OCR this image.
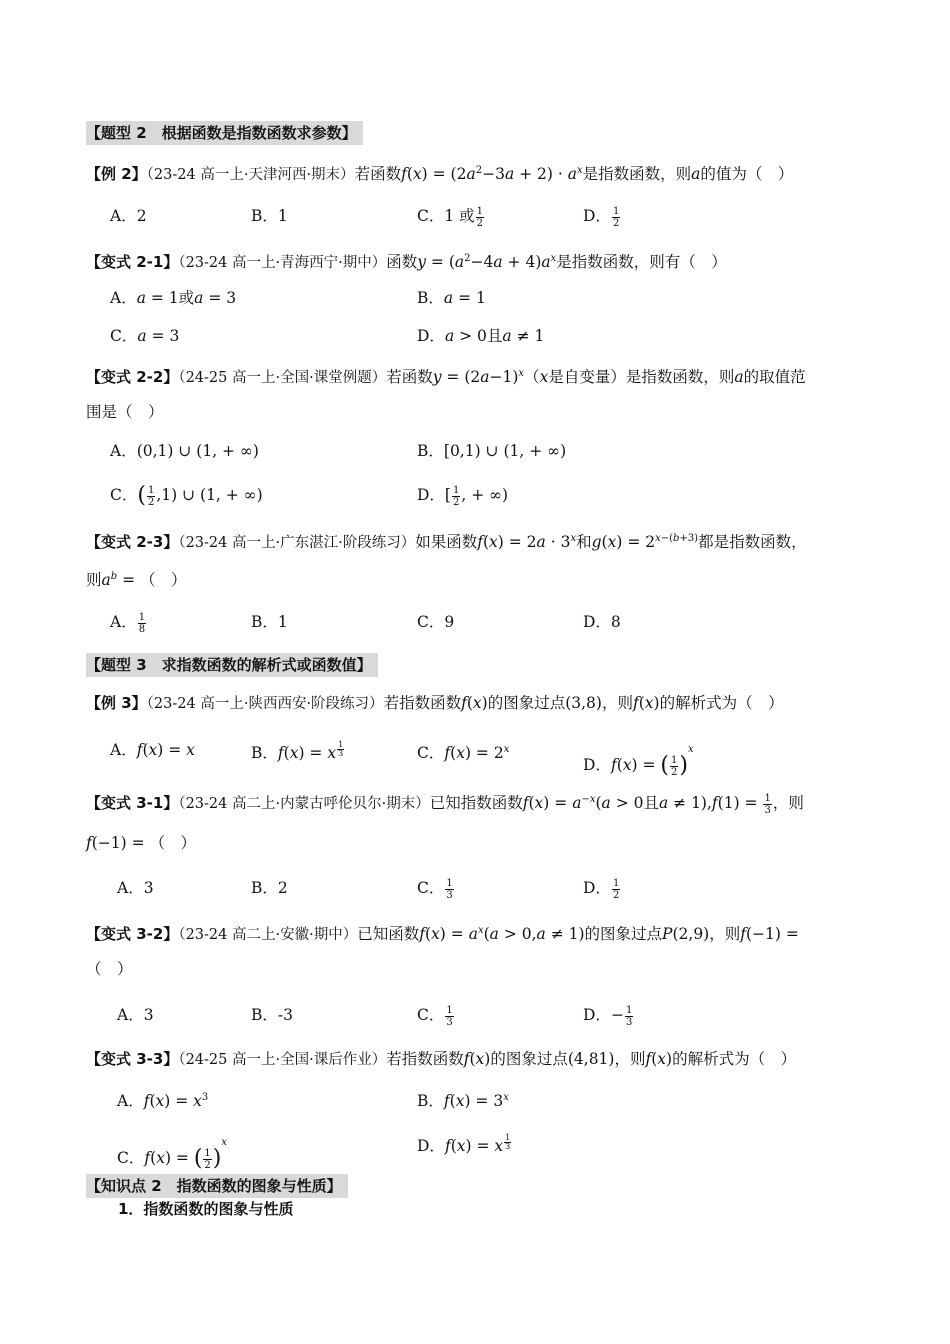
【题型 2　根据函数是指数函数求参数】
【例 2】（23-24 高一上·天津河西·期末）若函数$f(x) = (2a^2-3a + 2) \cdot a^x$是指数函数，则a的值为（　）
A．2	B．1	C．1 或 $\frac{1}{2}$	D． $\frac{1}{2}$
【变式 2-1】（23-24 高一上·青海西宁·期中）函数$y = (a^2-4a + 4)a^x$是指数函数，则有（　）
A．a = 1或a = 3	B．a = 1
C．a = 3	D．a > 0且a ≠ 1
【变式 2-2】（24-25 高一上·全国·课堂例题）若函数$y = (2a-1)^x(x$是自变量）是指数函数，则a的取值范
围是（　）
A．(0,1) ∪ (1, + ∞)	B．[0,1) ∪ (1, + ∞)
C．( $\frac{1}{2} ,1$) ∪ (1, + ∞)	D．[ $\frac{1}{2}$ , + ∞)
【变式 2-3】（23-24 高一上·广东湛江·阶段练习）如果函数$f(x) = 2a \cdot 3^x$和$g(x) = 2^{x-(b+3)}$都是指数函数，
则$a^b$ = （　）
A． $\frac{1}{8}$	B．1	C．9	D．8
【题型 3　求指数函数的解析式或函数值】
【例 3】（23-24 高一上·陕西西安·阶段练习）若指数函数f(x)的图象过点(3,8)，则f(x)的解析式为（　）
A．f(x) = x	B．f(x) = x $^{\frac{1}{3}}$	C．$f(x) = 2^x$
D．f(x) = ( $\frac{1}{2} )^x$
【变式 3-1】（23-24 高二上·内蒙古呼伦贝尔·期末）已知指数函数$f(x) = a^{-x}(a > 0$且$a \ne 1),f(1) = \frac{1}{3}$ ，则
f(−1) = （　）
A．3	B．2	C． $\frac{1}{3}$	D． $\frac{1}{2}$
【变式 3-2】（23-24 高二上·安徽·期中）已知函数$f(x) = a^x(a > 0,a \ne 1)$的图象过点P(2,9)，则f(−1) =
（　）
A．3	B．-3	C． $\frac{1}{3}$	D．− $\frac{1}{3}$
【变式 3-3】（24-25 高一上·全国·课后作业）若指数函数f(x)的图象过点(4,81)，则f(x)的解析式为（　）
A．$f(x) = x^3$	B．$f(x) = 3^x$
C．f(x) = ( $\frac{1}{2} )^x$	D．f(x) = x $^{\frac{1}{3}}$
【知识点 2　指数函数的图象与性质】
1．指数函数的图象与性质
